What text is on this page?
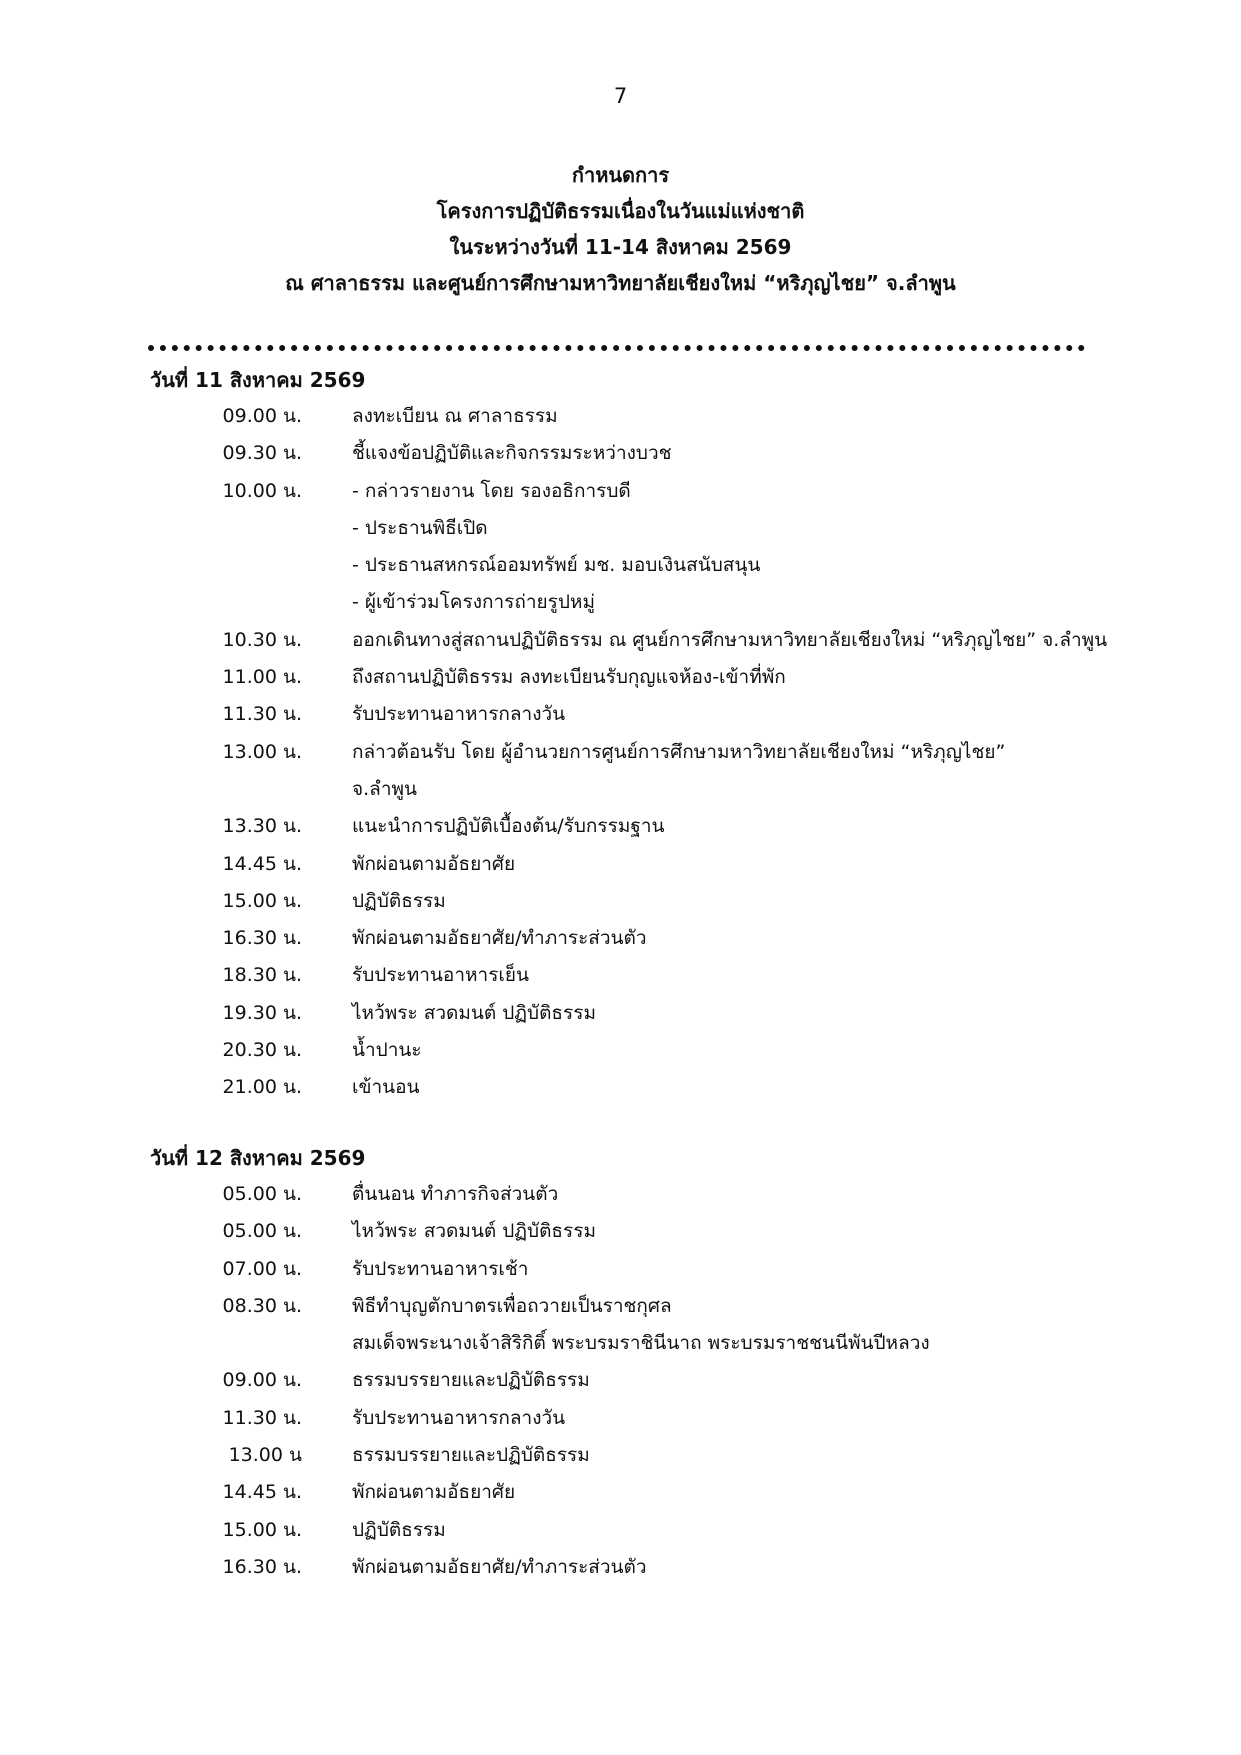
7
กำหนดการ
โครงการปฏิบัติธรรมเนื่องในวันแม่แห่งชาติ
ในระหว่างวันที่ 11-14 สิงหาคม 2569
ณ ศาลาธรรม และศูนย์การศึกษามหาวิทยาลัยเชียงใหม่ “หริภุญไชย” จ.ลำพูน
วันที่ 11 สิงหาคม 2569
09.00 น.	ลงทะเบียน ณ ศาลาธรรม
09.30 น.	ชี้แจงข้อปฏิบัติและกิจกรรมระหว่างบวช
10.00 น.	- กล่าวรายงาน โดย รองอธิการบดี
- ประธานพิธีเปิด
- ประธานสหกรณ์ออมทรัพย์ มช. มอบเงินสนับสนุน
- ผู้เข้าร่วมโครงการถ่ายรูปหมู่
10.30 น.	ออกเดินทางสู่สถานปฏิบัติธรรม ณ ศูนย์การศึกษามหาวิทยาลัยเชียงใหม่ “หริภุญไชย” จ.ลำพูน
11.00 น.	ถึงสถานปฏิบัติธรรม ลงทะเบียนรับกุญแจห้อง-เข้าที่พัก
11.30 น.	รับประทานอาหารกลางวัน
13.00 น.	กล่าวต้อนรับ โดย ผู้อำนวยการศูนย์การศึกษามหาวิทยาลัยเชียงใหม่ “หริภุญไชย”
จ.ลำพูน
13.30 น.	แนะนำการปฏิบัติเบื้องต้น/รับกรรมฐาน
14.45 น.	พักผ่อนตามอัธยาศัย
15.00 น.	ปฏิบัติธรรม
16.30 น.	พักผ่อนตามอัธยาศัย/ทำภาระส่วนตัว
18.30 น.	รับประทานอาหารเย็น
19.30 น.	ไหว้พระ สวดมนต์ ปฏิบัติธรรม
20.30 น.	น้ำปานะ
21.00 น.	เข้านอน
วันที่ 12 สิงหาคม 2569
05.00 น.	ตื่นนอน ทำภารกิจส่วนตัว
05.00 น.	ไหว้พระ สวดมนต์ ปฏิบัติธรรม
07.00 น.	รับประทานอาหารเช้า
08.30 น.	พิธีทำบุญตักบาตรเพื่อถวายเป็นราชกุศล
สมเด็จพระนางเจ้าสิริกิติ์ พระบรมราชินีนาถ พระบรมราชชนนีพันปีหลวง
09.00 น.	ธรรมบรรยายและปฏิบัติธรรม
11.30 น.	รับประทานอาหารกลางวัน
13.00 น	ธรรมบรรยายและปฏิบัติธรรม
14.45 น.	พักผ่อนตามอัธยาศัย
15.00 น.	ปฏิบัติธรรม
16.30 น.	พักผ่อนตามอัธยาศัย/ทำภาระส่วนตัว
